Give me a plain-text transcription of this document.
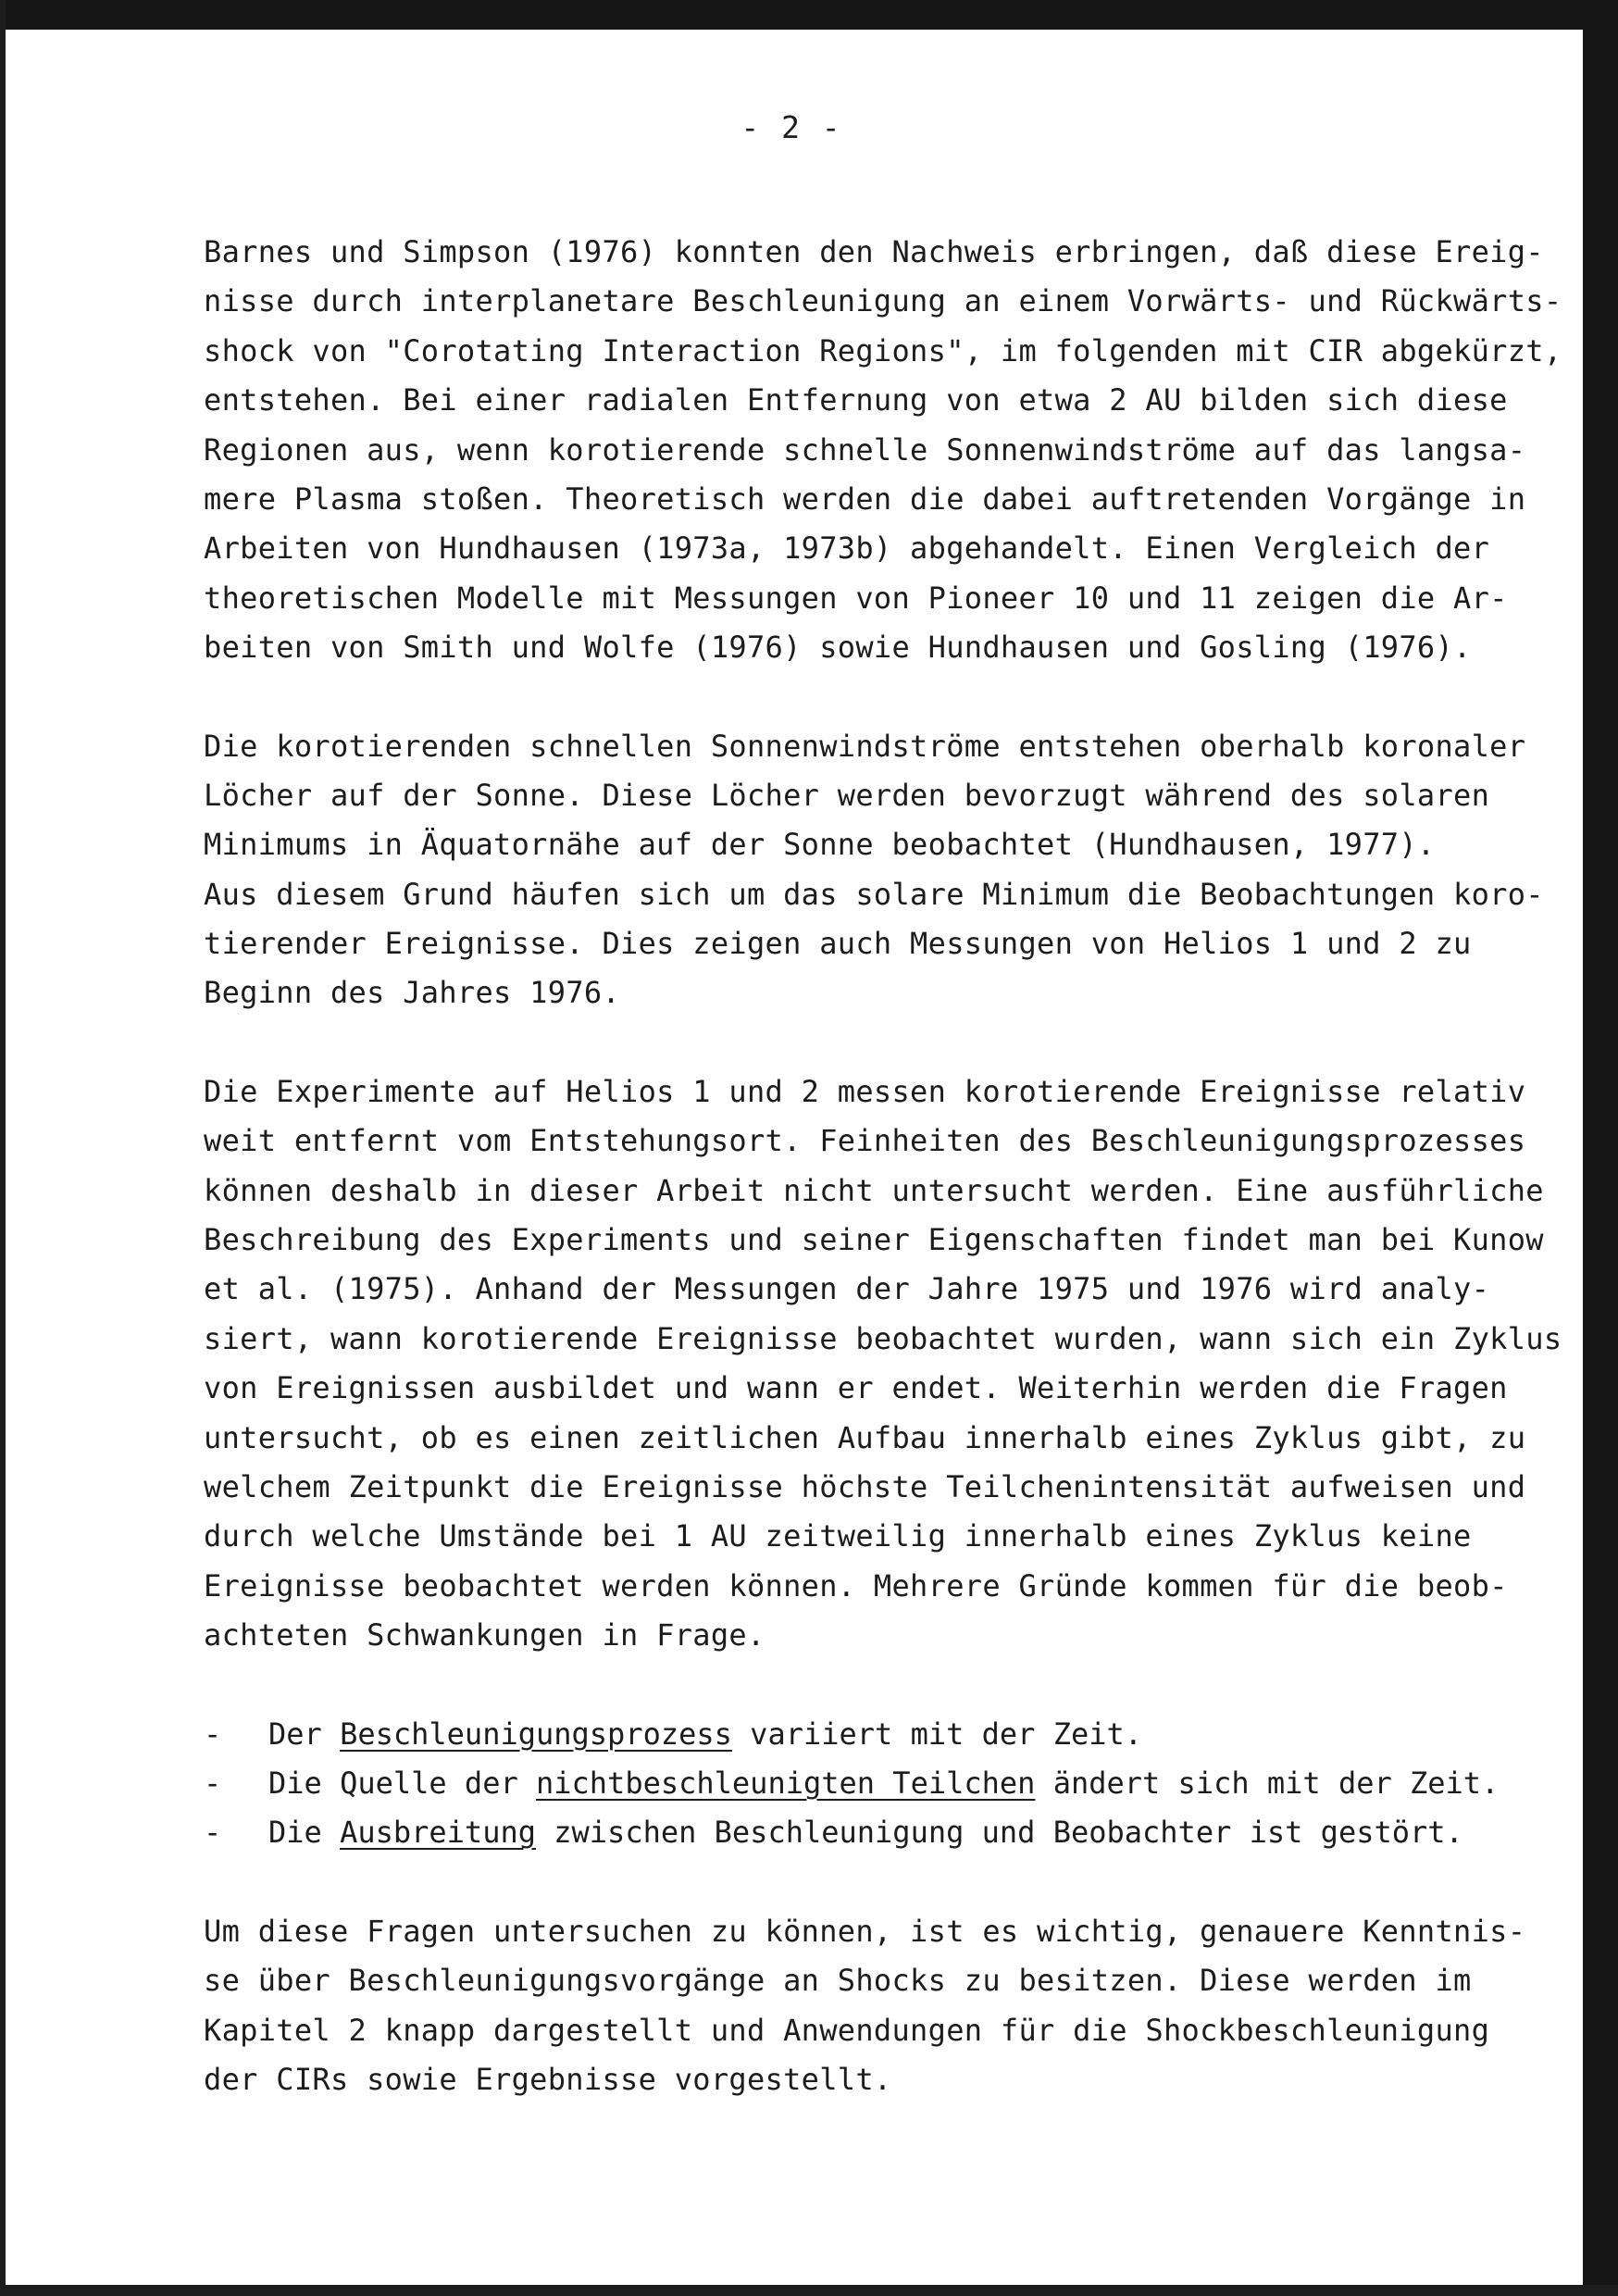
- 2 -
Barnes und Simpson (1976) konnten den Nachweis erbringen, daß diese Ereig-
nisse durch interplanetare Beschleunigung an einem Vorwärts- und Rückwärts-
shock von "Corotating Interaction Regions", im folgenden mit CIR abgekürzt,
entstehen. Bei einer radialen Entfernung von etwa 2 AU bilden sich diese
Regionen aus, wenn korotierende schnelle Sonnenwindströme auf das langsa-
mere Plasma stoßen. Theoretisch werden die dabei auftretenden Vorgänge in
Arbeiten von Hundhausen (1973a, 1973b) abgehandelt. Einen Vergleich der
theoretischen Modelle mit Messungen von Pioneer 10 und 11 zeigen die Ar-
beiten von Smith und Wolfe (1976) sowie Hundhausen und Gosling (1976).
Die korotierenden schnellen Sonnenwindströme entstehen oberhalb koronaler
Löcher auf der Sonne. Diese Löcher werden bevorzugt während des solaren
Minimums in Äquatornähe auf der Sonne beobachtet (Hundhausen, 1977).
Aus diesem Grund häufen sich um das solare Minimum die Beobachtungen koro-
tierender Ereignisse. Dies zeigen auch Messungen von Helios 1 und 2 zu
Beginn des Jahres 1976.
Die Experimente auf Helios 1 und 2 messen korotierende Ereignisse relativ
weit entfernt vom Entstehungsort. Feinheiten des Beschleunigungsprozesses
können deshalb in dieser Arbeit nicht untersucht werden. Eine ausführliche
Beschreibung des Experiments und seiner Eigenschaften findet man bei Kunow
et al. (1975). Anhand der Messungen der Jahre 1975 und 1976 wird analy-
siert, wann korotierende Ereignisse beobachtet wurden, wann sich ein Zyklus
von Ereignissen ausbildet und wann er endet. Weiterhin werden die Fragen
untersucht, ob es einen zeitlichen Aufbau innerhalb eines Zyklus gibt, zu
welchem Zeitpunkt die Ereignisse höchste Teilchenintensität aufweisen und
durch welche Umstände bei 1 AU zeitweilig innerhalb eines Zyklus keine
Ereignisse beobachtet werden können. Mehrere Gründe kommen für die beob-
achteten Schwankungen in Frage.
- Der Beschleunigungsprozess variiert mit der Zeit.
- Die Quelle der nichtbeschleunigten Teilchen ändert sich mit der Zeit.
- Die Ausbreitung zwischen Beschleunigung und Beobachter ist gestört.
Um diese Fragen untersuchen zu können, ist es wichtig, genauere Kenntnis-
se über Beschleunigungsvorgänge an Shocks zu besitzen. Diese werden im
Kapitel 2 knapp dargestellt und Anwendungen für die Shockbeschleunigung
der CIRs sowie Ergebnisse vorgestellt.
